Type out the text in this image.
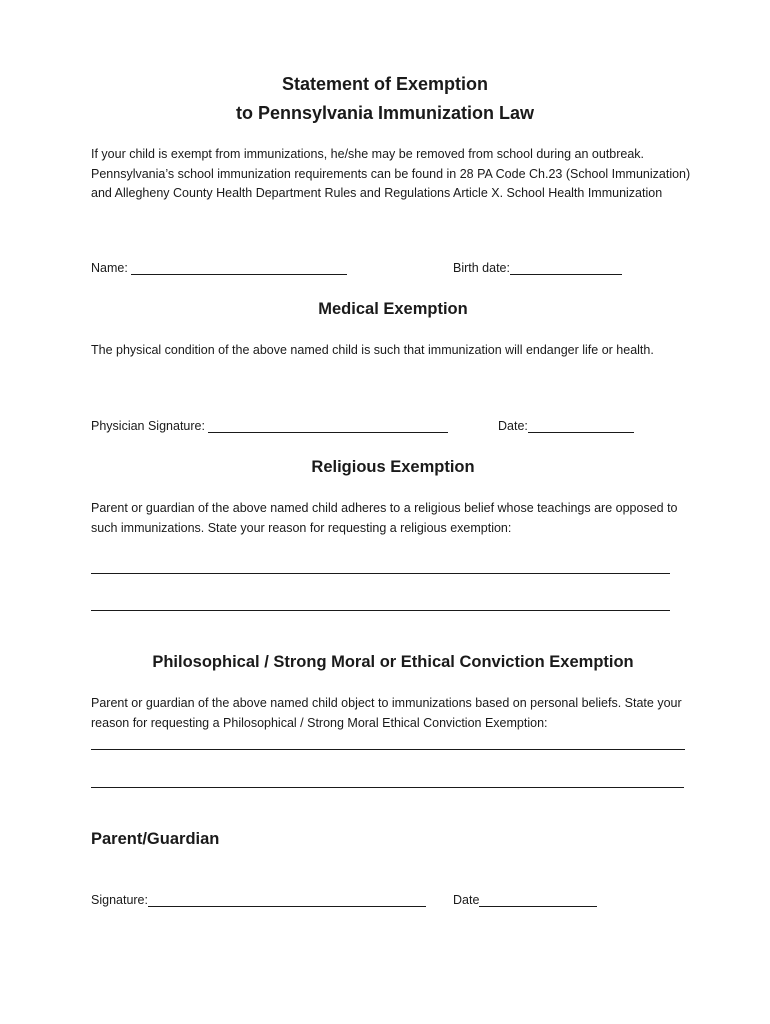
Statement of Exemption
to Pennsylvania Immunization Law
If your child is exempt from immunizations, he/she may be removed from school during an outbreak. Pennsylvania’s school immunization requirements can be found in 28 PA Code Ch.23 (School Immunization) and Allegheny County Health Department Rules and Regulations Article X. School Health Immunization
Name:	Birth date:
Medical Exemption
The physical condition of the above named child is such that immunization will endanger life or health.
Physician Signature:	Date:
Religious Exemption
Parent or guardian of the above named child adheres to a religious belief whose teachings are opposed to such immunizations. State your reason for requesting a religious exemption:
Philosophical / Strong Moral or Ethical Conviction Exemption
Parent or guardian of the above named child object to immunizations based on personal beliefs. State your reason for requesting a Philosophical / Strong Moral Ethical Conviction Exemption:
Parent/Guardian
Signature:	Date
